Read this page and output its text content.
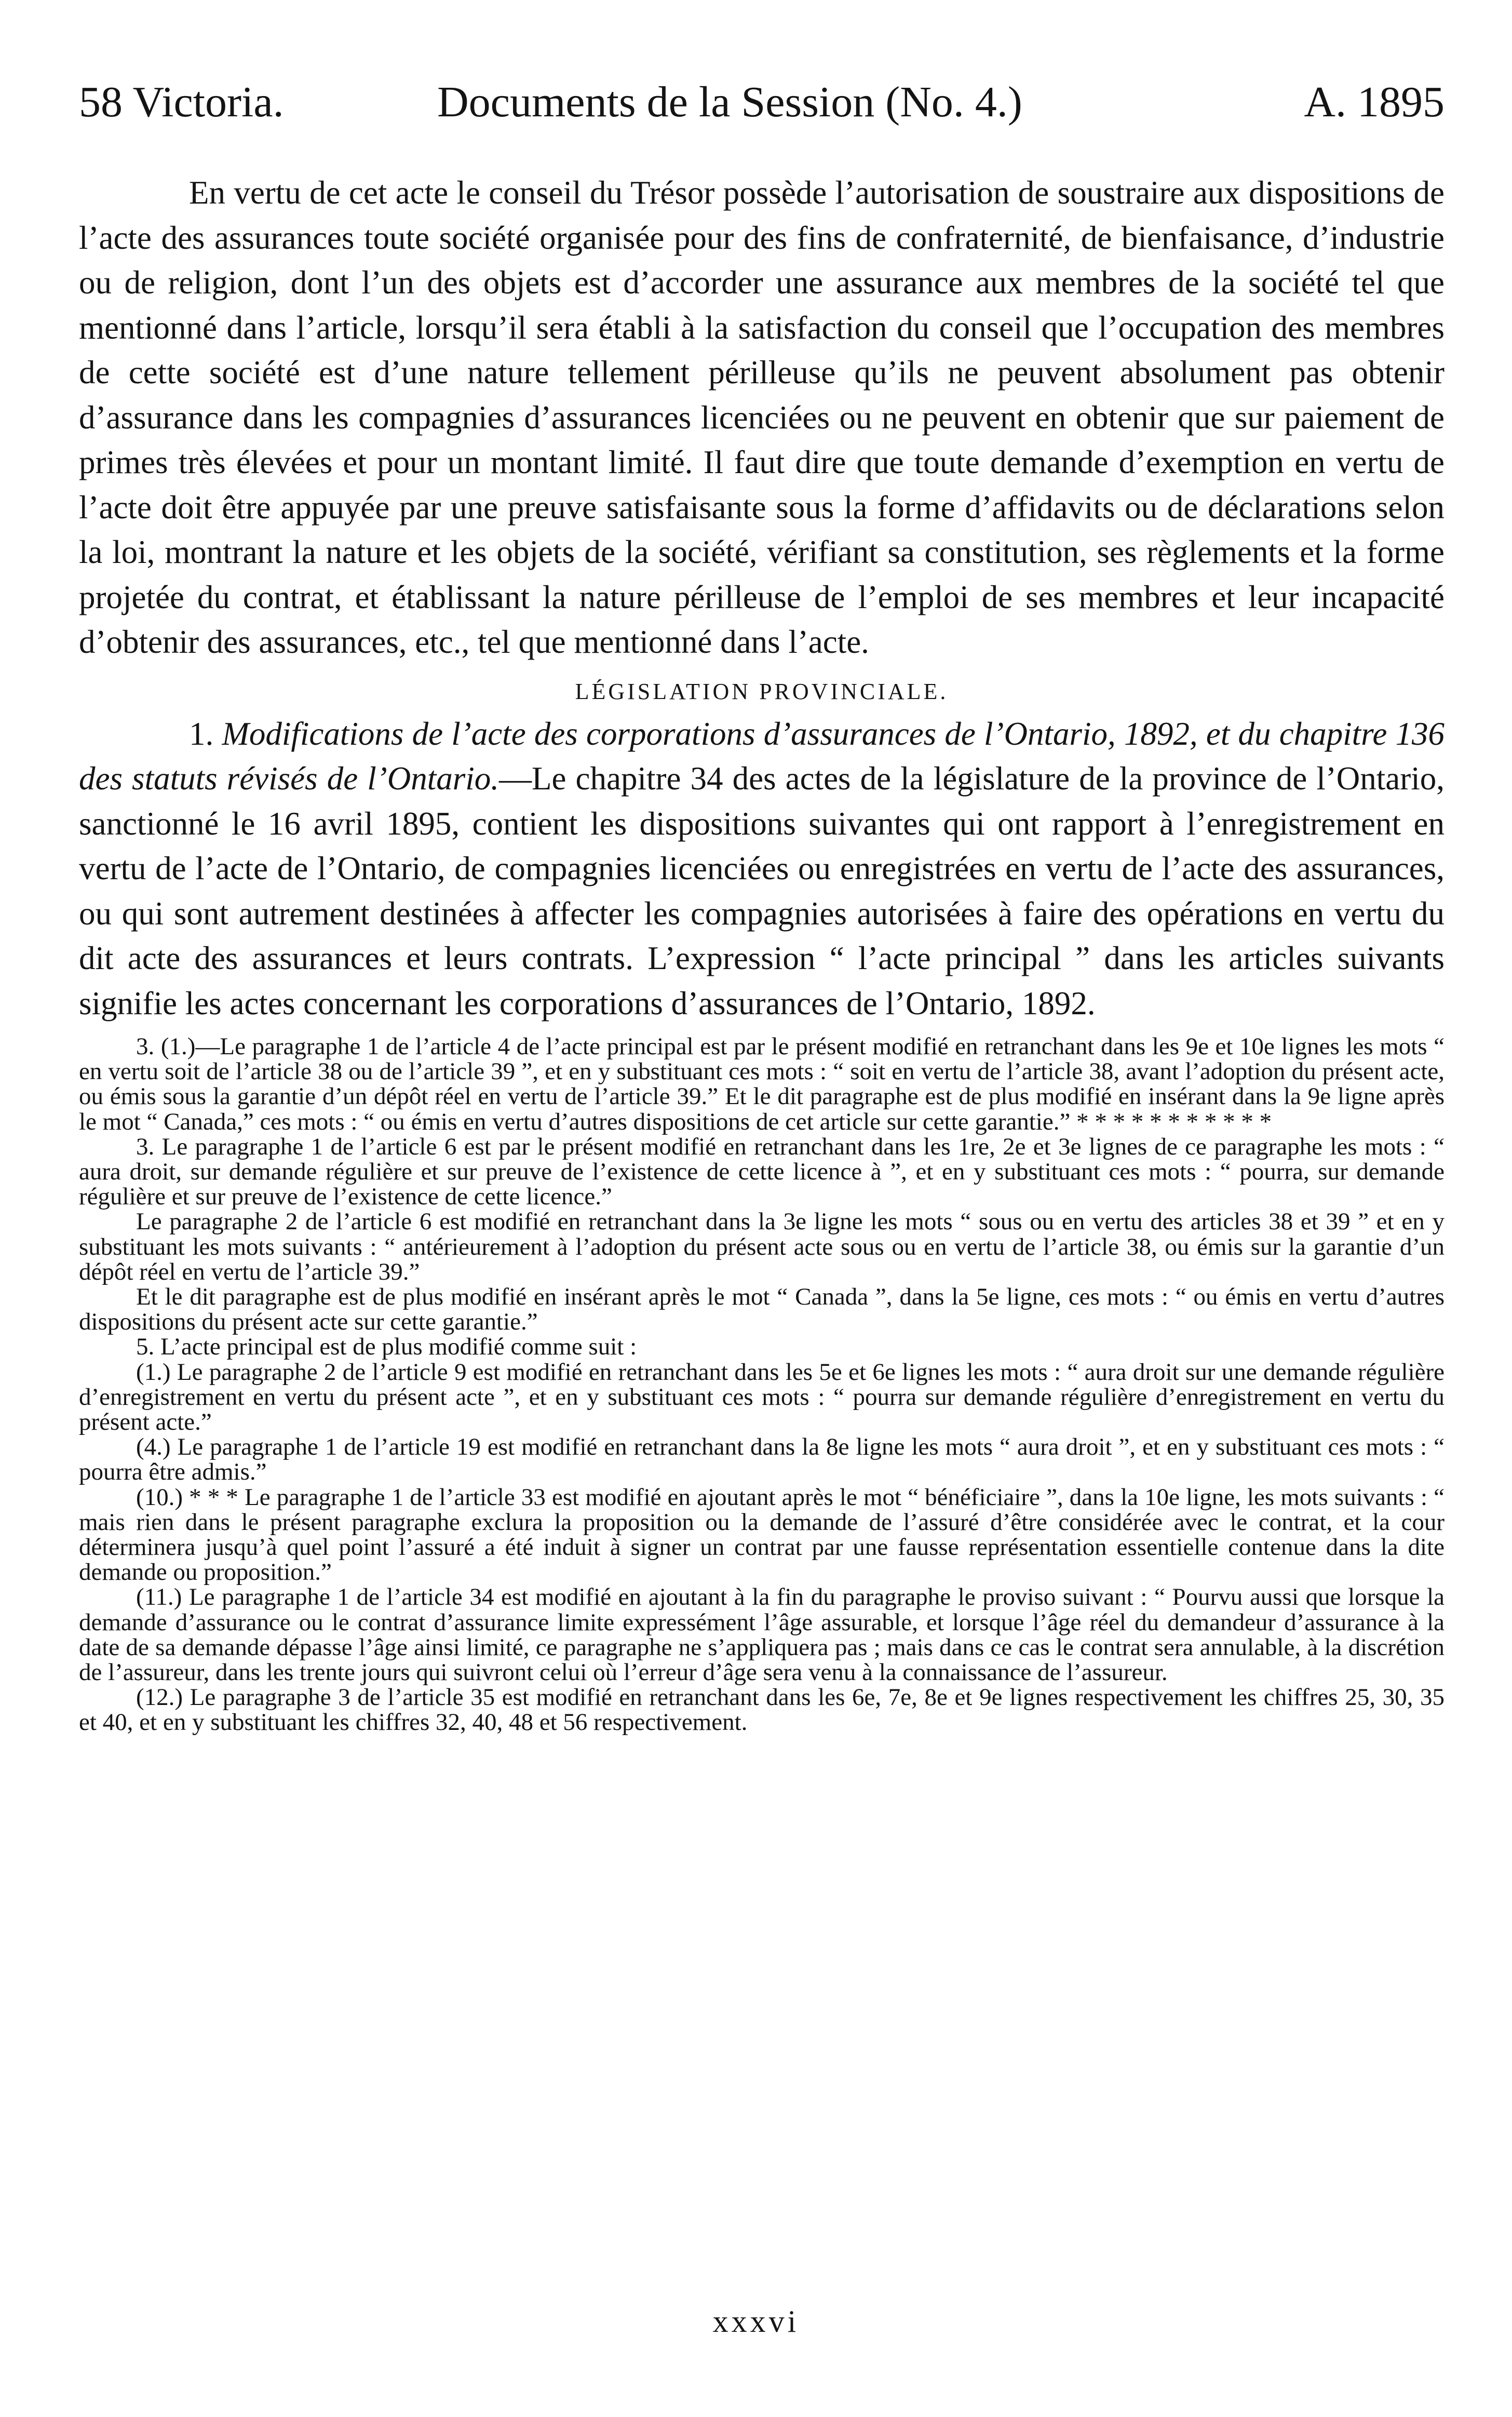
58 Victoria.	Documents de la Session (No. 4.)	A. 1895

En vertu de cet acte le conseil du Trésor possède l’autorisation de soustraire aux dispositions de l’acte des assurances toute société organisée pour des fins de confraternité, de bienfaisance, d’industrie ou de religion, dont l’un des objets est d’accorder une assurance aux membres de la société tel que mentionné dans l’article, lorsqu’il sera établi à la satisfaction du conseil que l’occupation des membres de cette société est d’une nature tellement périlleuse qu’ils ne peuvent absolument pas obtenir d’assurance dans les compagnies d’assurances licenciées ou ne peuvent en obtenir que sur paiement de primes très élevées et pour un montant limité. Il faut dire que toute demande d’exemption en vertu de l’acte doit être appuyée par une preuve satisfaisante sous la forme d’affidavits ou de déclarations selon la loi, montrant la nature et les objets de la société, vérifiant sa constitution, ses règlements et la forme projetée du contrat, et établissant la nature périlleuse de l’emploi de ses membres et leur incapacité d’obtenir des assurances, etc., tel que mentionné dans l’acte.

LÉGISLATION PROVINCIALE.

1. Modifications de l’acte des corporations d’assurances de l’Ontario, 1892, et du chapitre 136 des statuts révisés de l’Ontario.—Le chapitre 34 des actes de la législature de la province de l’Ontario, sanctionné le 16 avril 1895, contient les dispositions suivantes qui ont rapport à l’enregistrement en vertu de l’acte de l’Ontario, de compagnies licenciées ou enregistrées en vertu de l’acte des assurances, ou qui sont autrement destinées à affecter les compagnies autorisées à faire des opérations en vertu du dit acte des assurances et leurs contrats. L’expression “ l’acte principal ” dans les articles suivants signifie les actes concernant les corporations d’assurances de l’Ontario, 1892.

3. (1.)—Le paragraphe 1 de l’article 4 de l’acte principal est par le présent modifié en retranchant dans les 9e et 10e lignes les mots “ en vertu soit de l’article 38 ou de l’article 39 ”, et en y substituant ces mots : “ soit en vertu de l’article 38, avant l’adoption du présent acte, ou émis sous la garantie d’un dépôt réel en vertu de l’article 39.” Et le dit paragraphe est de plus modifié en insérant dans la 9e ligne après le mot “ Canada,” ces mots : “ ou émis en vertu d’autres dispositions de cet article sur cette garantie.” * * * * * * * * * * *

3. Le paragraphe 1 de l’article 6 est par le présent modifié en retranchant dans les 1re, 2e et 3e lignes de ce paragraphe les mots : “ aura droit, sur demande régulière et sur preuve de l’existence de cette licence à ”, et en y substituant ces mots : “ pourra, sur demande régulière et sur preuve de l’existence de cette licence.”

Le paragraphe 2 de l’article 6 est modifié en retranchant dans la 3e ligne les mots “ sous ou en vertu des articles 38 et 39 ” et en y substituant les mots suivants : “ antérieurement à l’adoption du présent acte sous ou en vertu de l’article 38, ou émis sur la garantie d’un dépôt réel en vertu de l’article 39.”

Et le dit paragraphe est de plus modifié en insérant après le mot “ Canada ”, dans la 5e ligne, ces mots : “ ou émis en vertu d’autres dispositions du présent acte sur cette garantie.”

5. L’acte principal est de plus modifié comme suit :

(1.) Le paragraphe 2 de l’article 9 est modifié en retranchant dans les 5e et 6e lignes les mots : “ aura droit sur une demande régulière d’enregistrement en vertu du présent acte ”, et en y substituant ces mots : “ pourra sur demande régulière d’enregistrement en vertu du présent acte.”

(4.) Le paragraphe 1 de l’article 19 est modifié en retranchant dans la 8e ligne les mots “ aura droit ”, et en y substituant ces mots : “ pourra être admis.”

(10.) * * * Le paragraphe 1 de l’article 33 est modifié en ajoutant après le mot “ bénéficiaire ”, dans la 10e ligne, les mots suivants : “ mais rien dans le présent paragraphe exclura la proposition ou la demande de l’assuré d’être considérée avec le contrat, et la cour déterminera jusqu’à quel point l’assuré a été induit à signer un contrat par une fausse représentation essentielle contenue dans la dite demande ou proposition.”

(11.) Le paragraphe 1 de l’article 34 est modifié en ajoutant à la fin du paragraphe le proviso suivant : “ Pourvu aussi que lorsque la demande d’assurance ou le contrat d’assurance limite expressément l’âge assurable, et lorsque l’âge réel du demandeur d’assurance à la date de sa demande dépasse l’âge ainsi limité, ce paragraphe ne s’appliquera pas ; mais dans ce cas le contrat sera annulable, à la discrétion de l’assureur, dans les trente jours qui suivront celui où l’erreur d’âge sera venu à la connaissance de l’assureur.

(12.) Le paragraphe 3 de l’article 35 est modifié en retranchant dans les 6e, 7e, 8e et 9e lignes respectivement les chiffres 25, 30, 35 et 40, et en y substituant les chiffres 32, 40, 48 et 56 respectivement.

xxxvi
